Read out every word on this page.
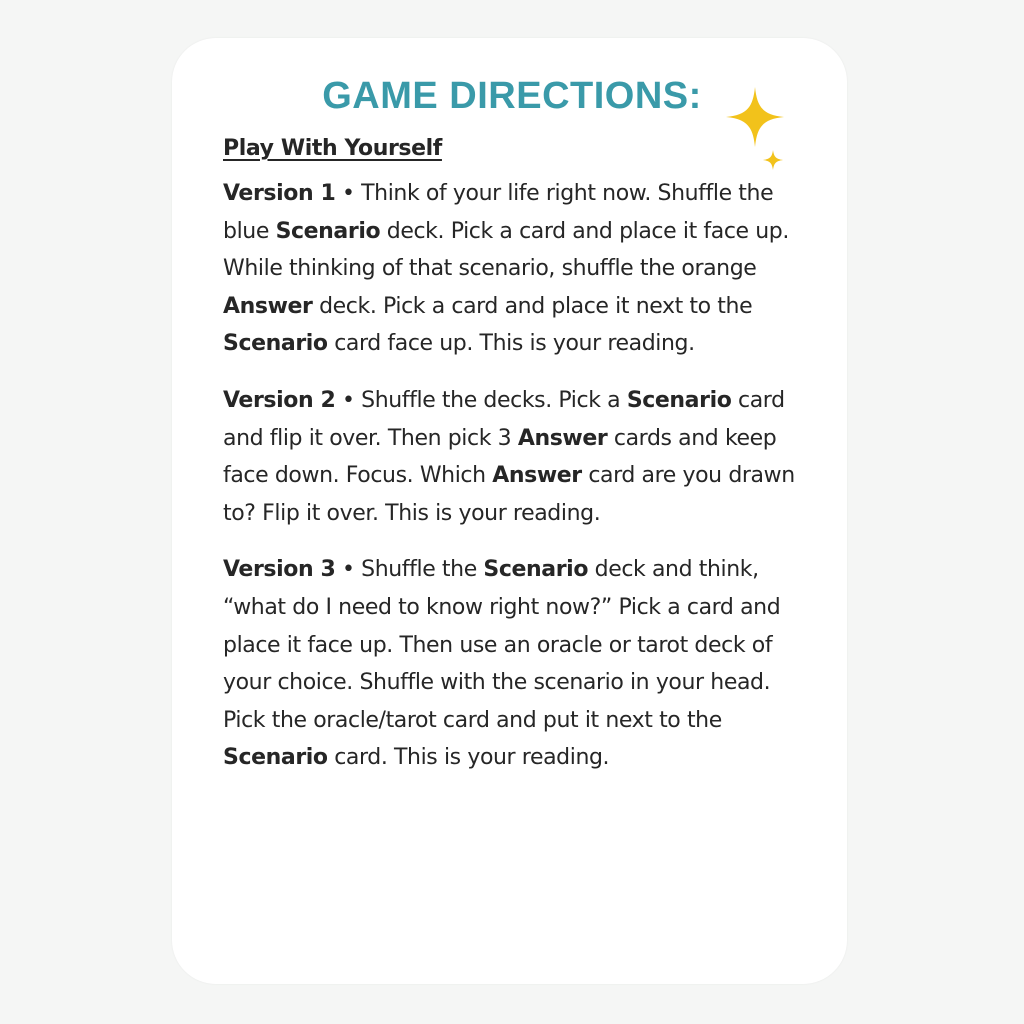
GAME DIRECTIONS:
Play With Yourself

Version 1 • Think of your life right now. Shuffle the blue Scenario deck. Pick a card and place it face up. While thinking of that scenario, shuffle the orange Answer deck. Pick a card and place it next to the Scenario card face up. This is your reading.

Version 2 • Shuffle the decks. Pick a Scenario card and flip it over. Then pick 3 Answer cards and keep face down. Focus. Which Answer card are you drawn to? Flip it over. This is your reading.

Version 3 • Shuffle the Scenario deck and think, “what do I need to know right now?” Pick a card and place it face up. Then use an oracle or tarot deck of your choice. Shuffle with the scenario in your head. Pick the oracle/tarot card and put it next to the Scenario card. This is your reading.
